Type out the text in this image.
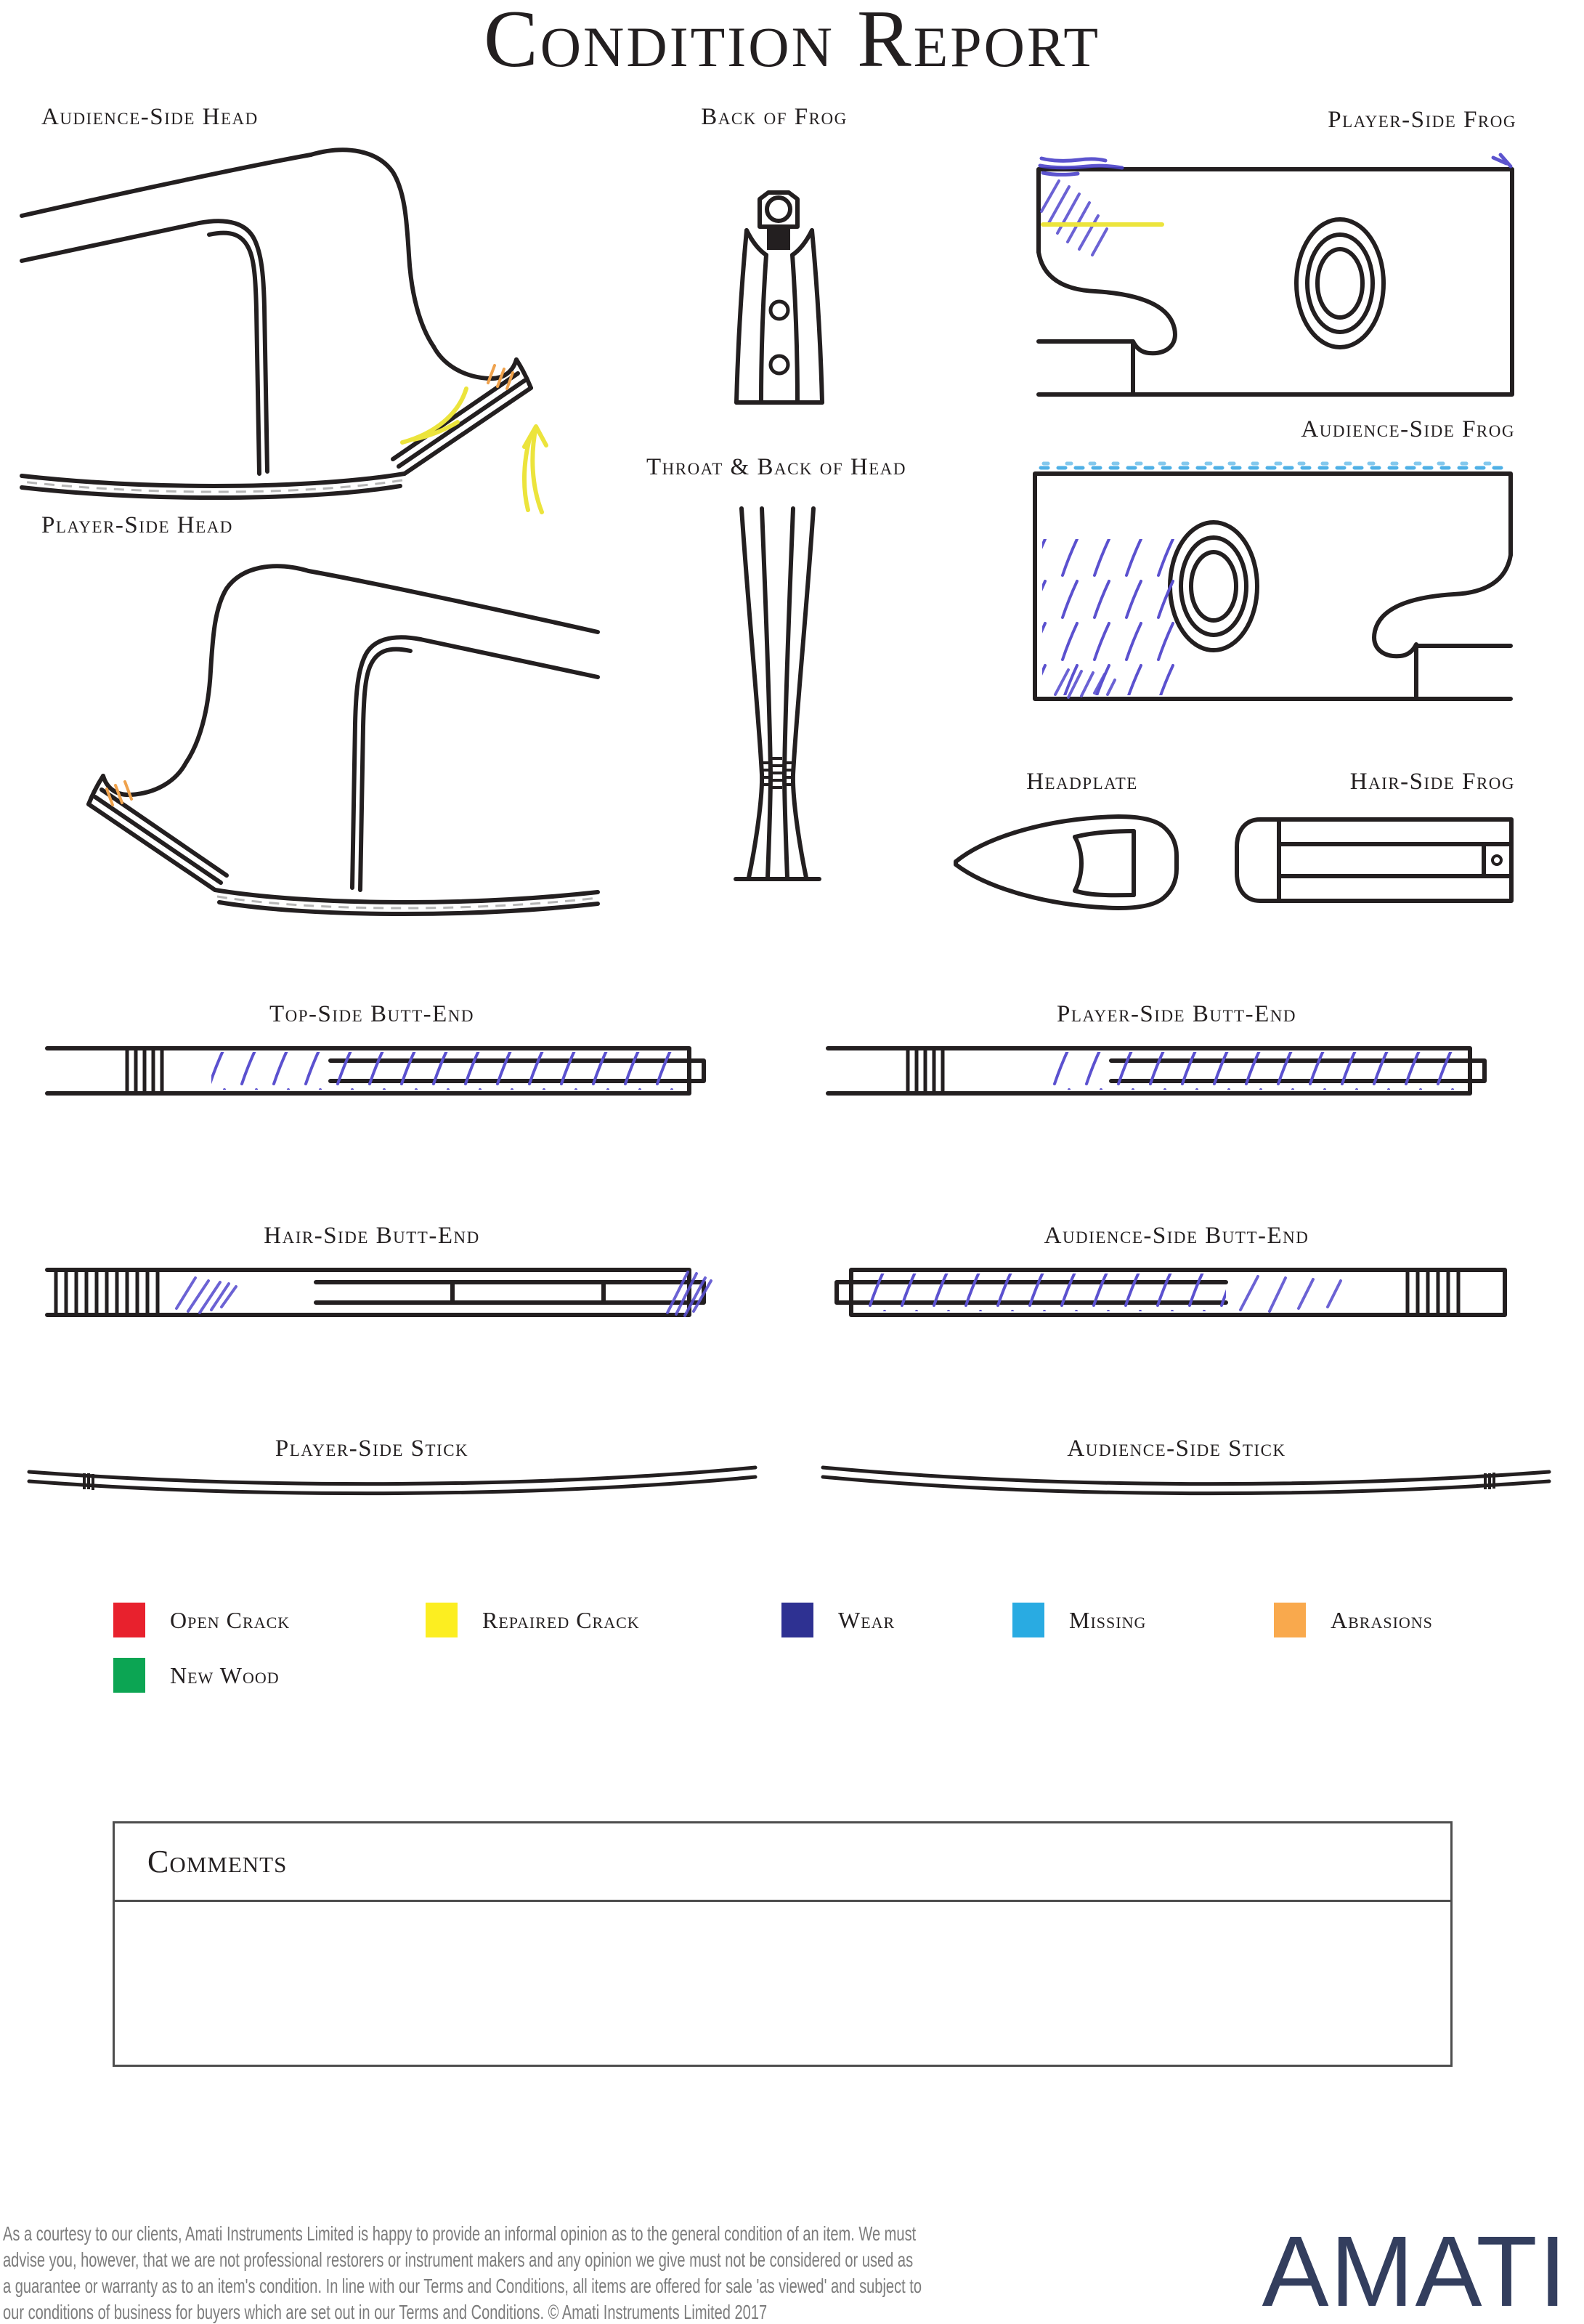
Condition Report
Audience-Side Head	Back of Frog	Player-Side Frog
Audience-Side Frog
Player-Side Head
Throat & Back of Head
Headplate	Hair-Side Frog
Top-Side Butt-End	Player-Side Butt-End
Hair-Side Butt-End	Audience-Side Butt-End
Player-Side Stick	Audience-Side Stick
Open Crack	Repaired Crack	Wear	Missing	Abrasions
New Wood
Comments
As a courtesy to our clients, Amati Instruments Limited is happy to provide an informal opinion as to the general condition of an item. We must
advise you, however, that we are not professional restorers or instrument makers and any opinion we give must not be considered or used as
a guarantee or warranty as to an item's condition. In line with our Terms and Conditions, all items are offered for sale 'as viewed' and subject to
our conditions of business for buyers which are set out in our Terms and Conditions. © Amati Instruments Limited 2017	AMATI
